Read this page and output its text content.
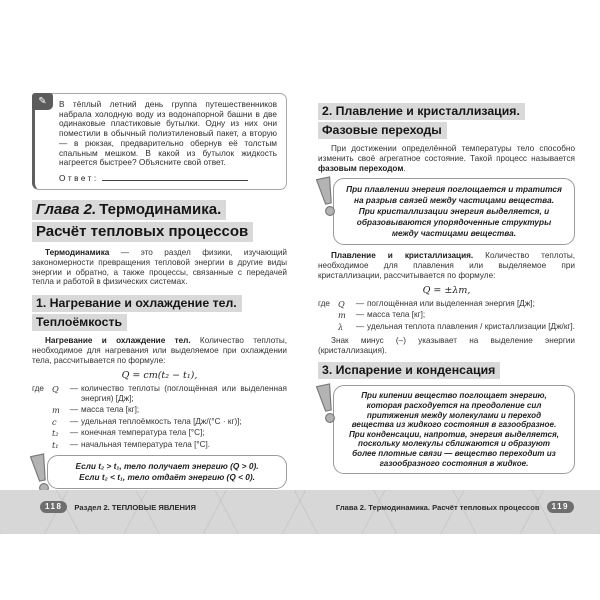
✎	В тёплый летний день группа путешественников набрала холодную воду из водонапорной башни в две одинаковые пластиковые бутылки. Одну из них они поместили в обычный полиэтиленовый пакет, а вторую — в рюкзак, предварительно обернув её толстым спальным мешком. В какой из бутылок жидкость нагреется быстрее? Объясните свой ответ.
Ответ:
Глава 2. Термодинамика.
Расчёт тепловых процессов
Термодинамика — это раздел физики, изучающий закономерности превращения тепловой энергии в другие виды энергии и обратно, а также процессы, связанные с передачей тепла и работой в физических системах.
1. Нагревание и охлаждение тел.
Теплоёмкость
Нагревание и охлаждение тел. Количество теплоты, необходимое для нагревания или выделяемое при охлаждении тела, рассчитывается по формуле:
Q = cm(t₂ − t₁),
где Q	— количество теплоты (поглощённая или выделенная энергия) [Дж];
m	— масса тела [кг];
c	— удельная теплоёмкость тела [Дж/(°C · кг)];
t₂	— конечная температура тела [°C];
t₁	— начальная температура тела [°C].
Если t₂ > t₁, тело получает энергию (Q > 0).
Если t₂ < t₁, тело отдаёт энергию (Q < 0).
2. Плавление и кристаллизация.
Фазовые переходы
При достижении определённой температуры тело способно изменить своё агрегатное состояние. Такой процесс называется фазовым переходом.
При плавлении энергия поглощается и тратится на разрыв связей между частицами вещества. При кристаллизации энергия выделяется, и образовываются упорядоченные структуры между частицами вещества.
Плавление и кристаллизация. Количество теплоты, необходимое для плавления или выделяемое при кристаллизации, рассчитывается по формуле:
Q = ±λm,
где Q	— поглощённая или выделенная энергия [Дж];
m	— масса тела [кг];
λ	— удельная теплота плавления / кристаллизации [Дж/кг].
Знак минус (–) указывает на выделение энергии (кристаллизация).
3. Испарение и конденсация
При кипении вещество поглощает энергию, которая расходуется на преодоление сил притяжения между молекулами и переход вещества из жидкого состояния в газообразное.
При конденсации, напротив, энергия выделяется, поскольку молекулы сближаются и образуют более плотные связи — вещество переходит из газообразного состояния в жидкое.
118	Раздел 2. ТЕПЛОВЫЕ ЯВЛЕНИЯ	Глава 2. Термодинамика. Расчёт тепловых процессов	119
